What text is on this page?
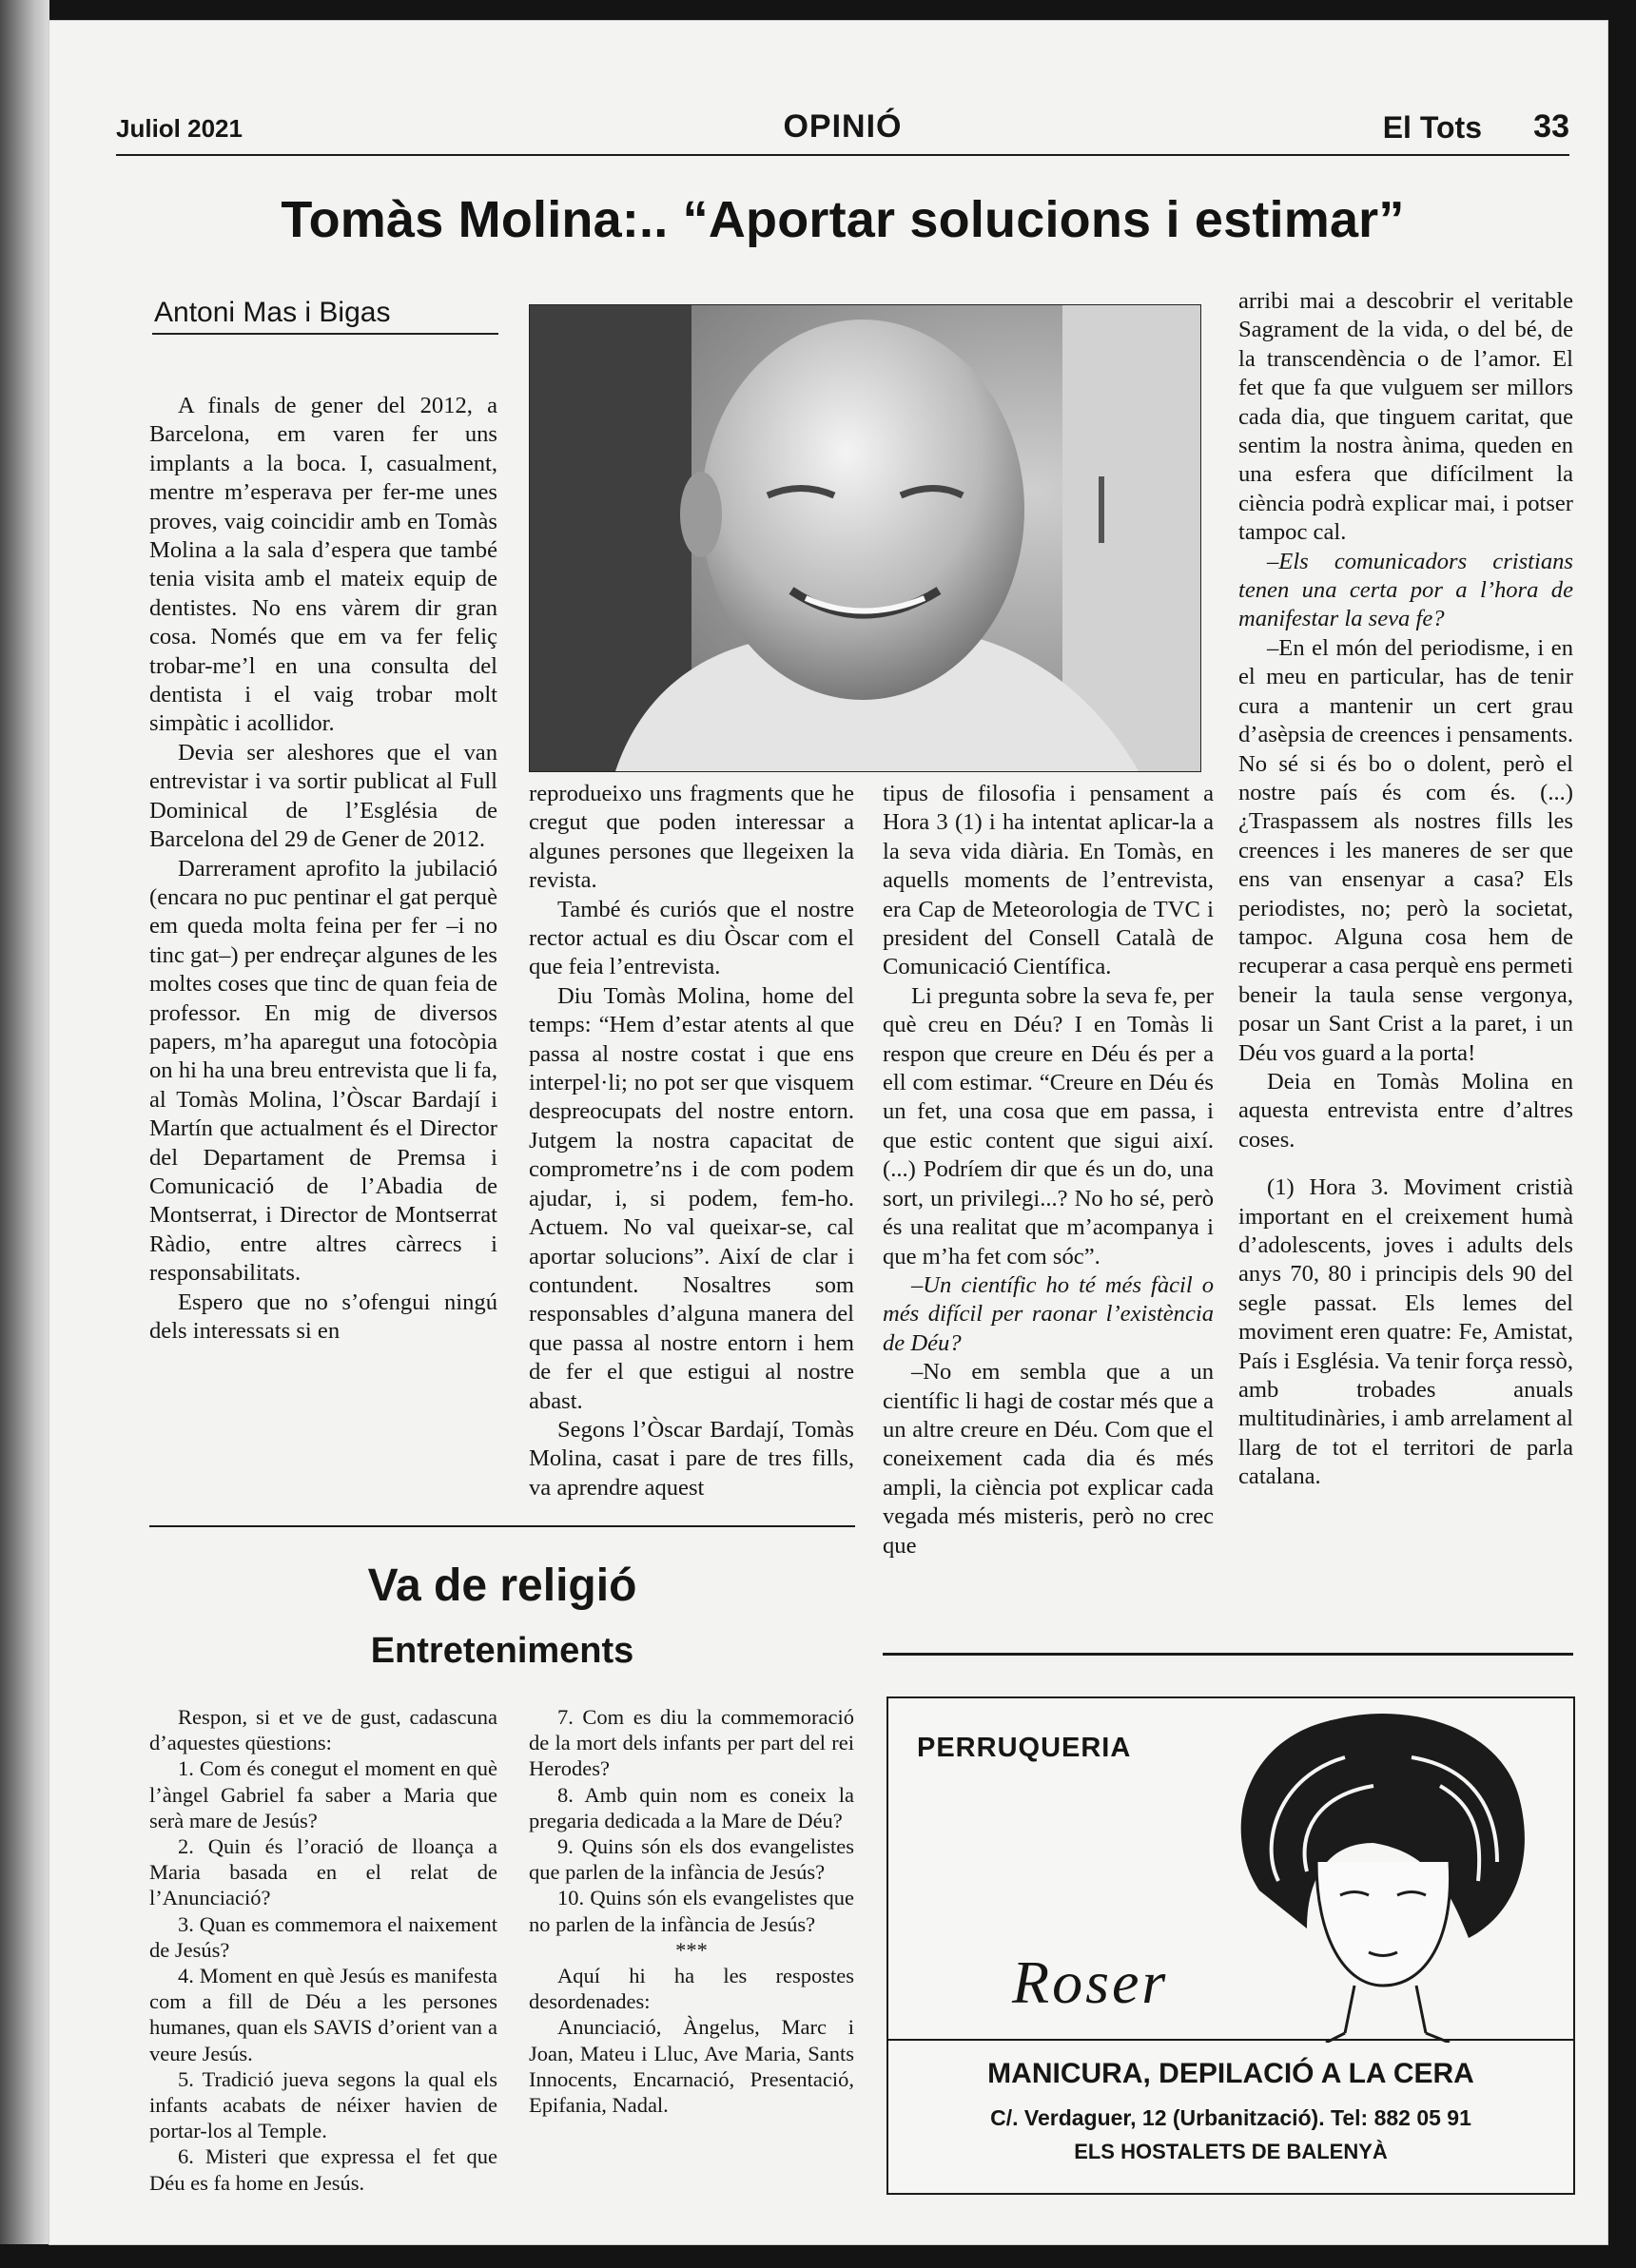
Juliol 2021	OPINIÓ	El Tots 33
Tomàs Molina:.. “Aportar solucions i estimar”
Antoni Mas i Bigas

A finals de gener del 2012, a Barcelona, em varen fer uns implants a la boca. I, casualment, mentre m’esperava per fer-me unes proves, vaig coincidir amb en Tomàs Molina a la sala d’espera que també tenia visita amb el mateix equip de dentistes. No ens vàrem dir gran cosa. Només que em va fer feliç trobar-me’l en una consulta del dentista i el vaig trobar molt simpàtic i acollidor.

Devia ser aleshores que el van entrevistar i va sortir publicat al Full Dominical de l’Església de Barcelona del 29 de Gener de 2012.

Darrerament aprofito la jubilació (encara no puc pentinar el gat perquè em queda molta feina per fer –i no tinc gat–) per endreçar algunes de les moltes coses que tinc de quan feia de professor. En mig de diversos papers, m’ha aparegut una fotocòpia on hi ha una breu entrevista que li fa, al Tomàs Molina, l’Òscar Bardají i Martín que actualment és el Director del Departament de Premsa i Comunicació de l’Abadia de Montserrat, i Director de Montserrat Ràdio, entre altres càrrecs i responsabilitats.

Espero que no s’ofengui ningú dels interessats si en

reprodueixo uns fragments que he cregut que poden interessar a algunes persones que llegeixen la revista.

També és curiós que el nostre rector actual es diu Òscar com el que feia l’entrevista.

Diu Tomàs Molina, home del temps: “Hem d’estar atents al que passa al nostre costat i que ens interpel·li; no pot ser que visquem despreocupats del nostre entorn. Jutgem la nostra capacitat de comprometre’ns i de com podem ajudar, i, si podem, fem-ho. Actuem. No val queixar-se, cal aportar solucions”. Així de clar i contundent. Nosaltres som responsables d’alguna manera del que passa al nostre entorn i hem de fer el que estigui al nostre abast.

Segons l’Òscar Bardají, Tomàs Molina, casat i pare de tres fills, va aprendre aquest

tipus de filosofia i pensament a Hora 3 (1) i ha intentat aplicar-la a la seva vida diària. En Tomàs, en aquells moments de l’entrevista, era Cap de Meteorologia de TVC i president del Consell Català de Comunicació Científica.

Li pregunta sobre la seva fe, per què creu en Déu? I en Tomàs li respon que creure en Déu és per a ell com estimar. “Creure en Déu és un fet, una cosa que em passa, i que estic content que sigui així. (...) Podríem dir que és un do, una sort, un privilegi...? No ho sé, però és una realitat que m’acompanya i que m’ha fet com sóc”.

–Un científic ho té més fàcil o més difícil per raonar l’existència de Déu?

–No em sembla que a un científic li hagi de costar més que a un altre creure en Déu. Com que el coneixement cada dia és més ampli, la ciència pot explicar cada vegada més misteris, però no crec que

arribi mai a descobrir el veritable Sagrament de la vida, o del bé, de la transcendència o de l’amor. El fet que fa que vulguem ser millors cada dia, que tinguem caritat, que sentim la nostra ànima, queden en una esfera que difícilment la ciència podrà explicar mai, i potser tampoc cal.

–Els comunicadors cristians tenen una certa por a l’hora de manifestar la seva fe?

–En el món del periodisme, i en el meu en particular, has de tenir cura a mantenir un cert grau d’asèpsia de creences i pensaments. No sé si és bo o dolent, però el nostre país és com és. (...) ¿Traspassem als nostres fills les creences i les maneres de ser que ens van ensenyar a casa? Els periodistes, no; però la societat, tampoc. Alguna cosa hem de recuperar a casa perquè ens permeti beneir la taula sense vergonya, posar un Sant Crist a la paret, i un Déu vos guard a la porta!

Deia en Tomàs Molina en aquesta entrevista entre d’altres coses.

(1) Hora 3. Moviment cristià important en el creixement humà d’adolescents, joves i adults dels anys 70, 80 i principis dels 90 del segle passat. Els lemes del moviment eren quatre: Fe, Amistat, País i Església. Va tenir força ressò, amb trobades anuals multitudinàries, i amb arrelament al llarg de tot el territori de parla catalana.

Va de religió
Entreteniments

Respon, si et ve de gust, cadascuna d’aquestes qüestions:

1. Com és conegut el moment en què l’àngel Gabriel fa saber a Maria que serà mare de Jesús?

2. Quin és l’oració de lloança a Maria basada en el relat de l’Anunciació?

3. Quan es commemora el naixement de Jesús?

4. Moment en què Jesús es manifesta com a fill de Déu a les persones humanes, quan els SAVIS d’orient van a veure Jesús.

5. Tradició jueva segons la qual els infants acabats de néixer havien de portar-los al Temple.

6. Misteri que expressa el fet que Déu es fa home en Jesús.

7. Com es diu la commemoració de la mort dels infants per part del rei Herodes?

8. Amb quin nom es coneix la pregaria dedicada a la Mare de Déu?

9. Quins són els dos evangelistes que parlen de la infància de Jesús?

10. Quins són els evangelistes que no parlen de la infància de Jesús?

***

Aquí hi ha les respostes desordenades:

Anunciació, Àngelus, Marc i Joan, Mateu i Lluc, Ave Maria, Sants Innocents, Encarnació, Presentació, Epifania, Nadal.

PERRUQUERIA
Roser
MANICURA, DEPILACIÓ A LA CERA
C/. Verdaguer, 12 (Urbanització). Tel: 882 05 91
ELS HOSTALETS DE BALENYÀ
